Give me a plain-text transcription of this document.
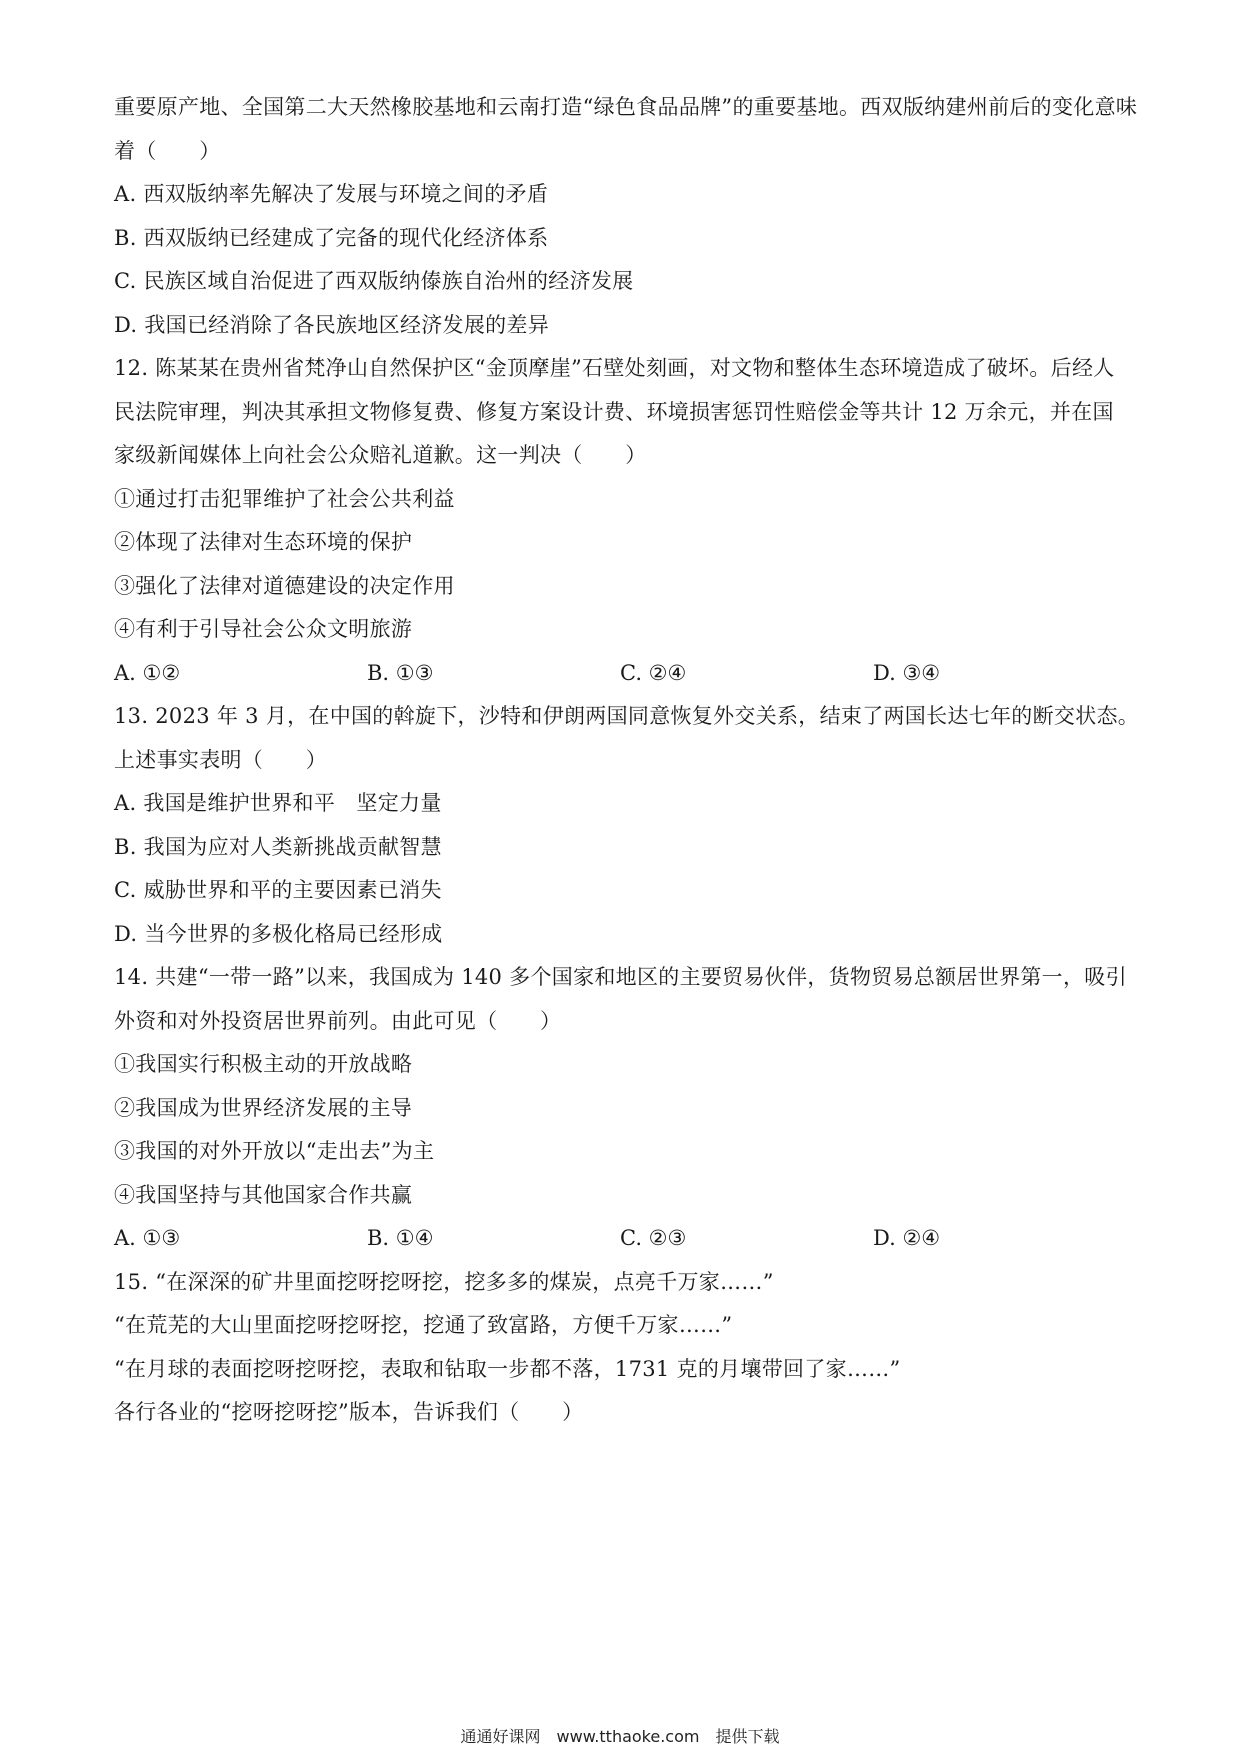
重要原产地、全国第二大天然橡胶基地和云南打造“绿色食品品牌”的重要基地。西双版纳建州前后的变化意味
着（　　）
A. 西双版纳率先解决了发展与环境之间的矛盾
B. 西双版纳已经建成了完备的现代化经济体系
C. 民族区域自治促进了西双版纳傣族自治州的经济发展
D. 我国已经消除了各民族地区经济发展的差异
12. 陈某某在贵州省梵净山自然保护区“金顶摩崖”石壁处刻画，对文物和整体生态环境造成了破坏。后经人
民法院审理，判决其承担文物修复费、修复方案设计费、环境损害惩罚性赔偿金等共计 12 万余元，并在国
家级新闻媒体上向社会公众赔礼道歉。这一判决（　　）
①通过打击犯罪维护了社会公共利益
②体现了法律对生态环境的保护
③强化了法律对道德建设的决定作用
④有利于引导社会公众文明旅游
A. ①②	B. ①③	C. ②④	D. ③④
13. 2023 年 3 月，在中国的斡旋下，沙特和伊朗两国同意恢复外交关系，结束了两国长达七年的断交状态。
上述事实表明（　　）
A. 我国是维护世界和平　坚定力量
B. 我国为应对人类新挑战贡献智慧
C. 威胁世界和平的主要因素已消失
D. 当今世界的多极化格局已经形成
14. 共建“一带一路”以来，我国成为 140 多个国家和地区的主要贸易伙伴，货物贸易总额居世界第一，吸引
外资和对外投资居世界前列。由此可见（　　）
①我国实行积极主动的开放战略
②我国成为世界经济发展的主导
③我国的对外开放以“走出去”为主
④我国坚持与其他国家合作共赢
A. ①③	B. ①④	C. ②③	D. ②④
15. “在深深的矿井里面挖呀挖呀挖，挖多多的煤炭，点亮千万家……”
“在荒芜的大山里面挖呀挖呀挖，挖通了致富路，方便千万家……”
“在月球的表面挖呀挖呀挖，表取和钻取一步都不落，1731 克的月壤带回了家……”
各行各业的“挖呀挖呀挖”版本，告诉我们（　　）
通通好课网　www.tthaoke.com　提供下载
